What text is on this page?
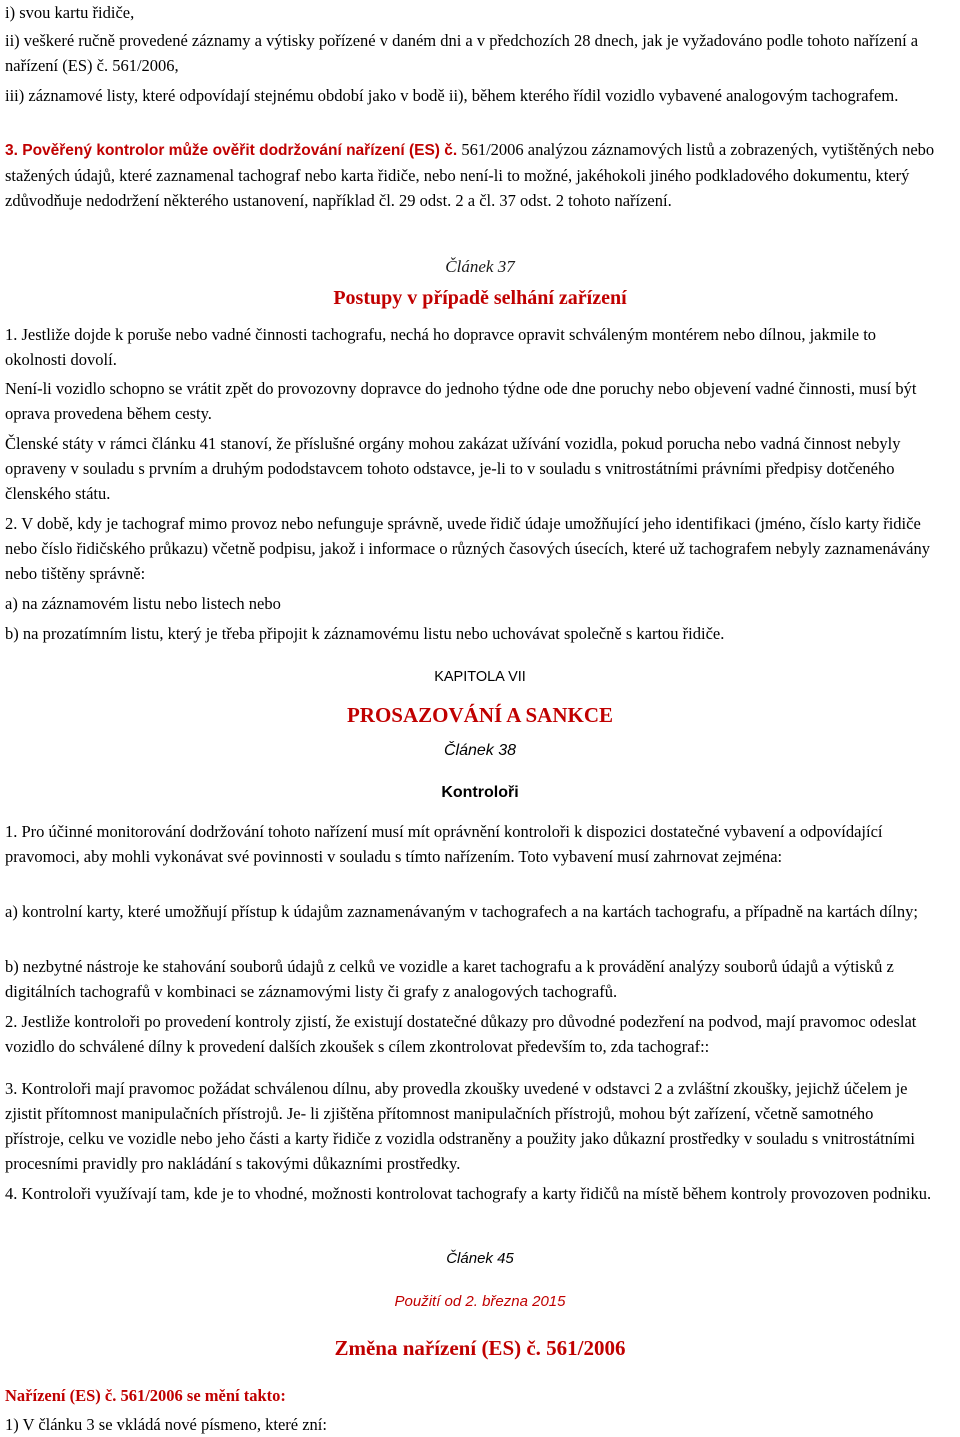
i) svou kartu řidiče,

ii) veškeré ručně provedené záznamy a výtisky pořízené v daném dni a v předchozích 28 dnech, jak je vyžadováno podle tohoto nařízení a nařízení (ES) č. 561/2006,

iii) záznamové listy, které odpovídají stejnému období jako v bodě ii), během kterého řídil vozidlo vybavené analogovým tachografem.

3. Pověřený kontrolor může ověřit dodržování nařízení (ES) č. 561/2006 analýzou záznamových listů a zobrazených, vytištěných nebo stažených údajů, které zaznamenal tachograf nebo karta řidiče, nebo není-li to možné, jakéhokoli jiného podkladového dokumentu, který zdůvodňuje nedodržení některého ustanovení, například čl. 29 odst. 2 a čl. 37 odst. 2 tohoto nařízení.

Článek 37

Postupy v případě selhání zařízení

1. Jestliže dojde k poruše nebo vadné činnosti tachografu, nechá ho dopravce opravit schváleným montérem nebo dílnou, jakmile to okolnosti dovolí.

Není-li vozidlo schopno se vrátit zpět do provozovny dopravce do jednoho týdne ode dne poruchy nebo objevení vadné činnosti, musí být oprava provedena během cesty.

Členské státy v rámci článku 41 stanoví, že příslušné orgány mohou zakázat užívání vozidla, pokud porucha nebo vadná činnost nebyly opraveny v souladu s prvním a druhým pododstavcem tohoto odstavce, je-li to v souladu s vnitrostátními právními předpisy dotčeného členského státu.

2. V době, kdy je tachograf mimo provoz nebo nefunguje správně, uvede řidič údaje umožňující jeho identifikaci (jméno, číslo karty řidiče nebo číslo řidičského průkazu) včetně podpisu, jakož i informace o různých časových úsecích, které už tachografem nebyly zaznamenávány nebo tištěny správně:

a) na záznamovém listu nebo listech nebo

b) na prozatímním listu, který je třeba připojit k záznamovému listu nebo uchovávat společně s kartou řidiče.

KAPITOLA VII

PROSAZOVÁNÍ A SANKCE

Článek 38

Kontroloři

1. Pro účinné monitorování dodržování tohoto nařízení musí mít oprávnění kontroloři k dispozici dostatečné vybavení a odpovídající pravomoci, aby mohli vykonávat své povinnosti v souladu s tímto nařízením. Toto vybavení musí zahrnovat zejména:

a) kontrolní karty, které umožňují přístup k údajům zaznamenávaným v tachografech a na kartách tachografu, a případně na kartách dílny;

b) nezbytné nástroje ke stahování souborů údajů z celků ve vozidle a karet tachografu a k provádění analýzy souborů údajů a výtisků z digitálních tachografů v kombinaci se záznamovými listy či grafy z analogových tachografů.

2. Jestliže kontroloři po provedení kontroly zjistí, že existují dostatečné důkazy pro důvodné podezření na podvod, mají pravomoc odeslat vozidlo do schválené dílny k provedení dalších zkoušek s cílem zkontrolovat především to, zda tachograf::

3. Kontroloři mají pravomoc požádat schválenou dílnu, aby provedla zkoušky uvedené v odstavci 2 a zvláštní zkoušky, jejichž účelem je zjistit přítomnost manipulačních přístrojů. Je- li zjištěna přítomnost manipulačních přístrojů, mohou být zařízení, včetně samotného přístroje, celku ve vozidle nebo jeho části a karty řidiče z vozidla odstraněny a použity jako důkazní prostředky v souladu s vnitrostátními procesními pravidly pro nakládání s takovými důkazními prostředky.

4. Kontroloři využívají tam, kde je to vhodné, možnosti kontrolovat tachografy a karty řidičů na místě během kontroly provozoven podniku.

Článek 45

Použití od 2. března 2015

Změna nařízení (ES) č. 561/2006

Nařízení (ES) č. 561/2006 se mění takto:

1) V článku 3 se vkládá nové písmeno, které zní:
